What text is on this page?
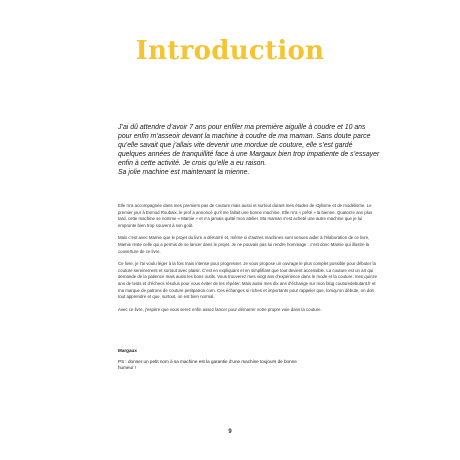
Introduction
J’ai dû attendre d’avoir 7 ans pour enfiler ma première aiguille à coudre et 10 ans pour enfin m’asseoir devant la machine à coudre de ma maman. Sans doute parce qu’elle savait que j’allais vite devenir une mordue de couture, elle s’est gardé quelques années de tranquillité face à une Margaux bien trop impatiente de s’essayer enfin à cette activité. Je crois qu’elle a eu raison.
Sa jolie machine est maintenant la mienne.

Elle m’a accompagnée dans mes premiers pas de couture mais aussi et surtout durant mes études de stylisme et de modélisme. Le premier jour à Esmod Roubaix, le prof a annoncé qu’il me fallait une bonne machine. Elle m’a « prêté » la bienne. Quatorze ans plus tard, cette machine se nomme « Mamie » et n’a jamais quitté mon atelier. Ma maman s’est acheté une autre machine que je lui emprunte bien trop souvent à son goût.

Mais c’est avec Mamie que le projet du livre a démarré et, même si d’autres machines sont venues aider à l’élaboration de ce livre, Mamie reste celle qui a permis de se lancer dans le projet. Je ne pouvais pas lui rendre hommage : c’est donc Mamie qui illustre la couverture de ce livre.

Ce livre, je l’ai voulu léger à la fois mais intense pour progresser. Je vous propose un ouvrage le plus complet possible pour débuter la couture sereinement et surtout avec plaisir. C’est en expliquant et en simplifiant que tout devient accessible. La couture est un art qui demande de la patience mais aussi les bons outils. Vous trouverez mes vingt ans d’expérience dans le mode et la couture, mes quinze ans de tests et d’échecs résolus pour vous éviter de les répéter. Mais aussi mes dix ans d’échange sur mon blog couturedebutant.fr et ma marque de patrons de couture petitpatron.com. Ces échanges si riches et importants pour rappeler que, lorsqu’on débute, on doit tout apprendre et que, surtout, on est bien normal.

Avec ce livre, j’espère que vous serez enfin assez lancer pour démarrer votre propre voie dans la couture.

Margaux
PS : donner un petit nom à sa machine est la garantie d’une machine toujours de bonne humeur !
9
